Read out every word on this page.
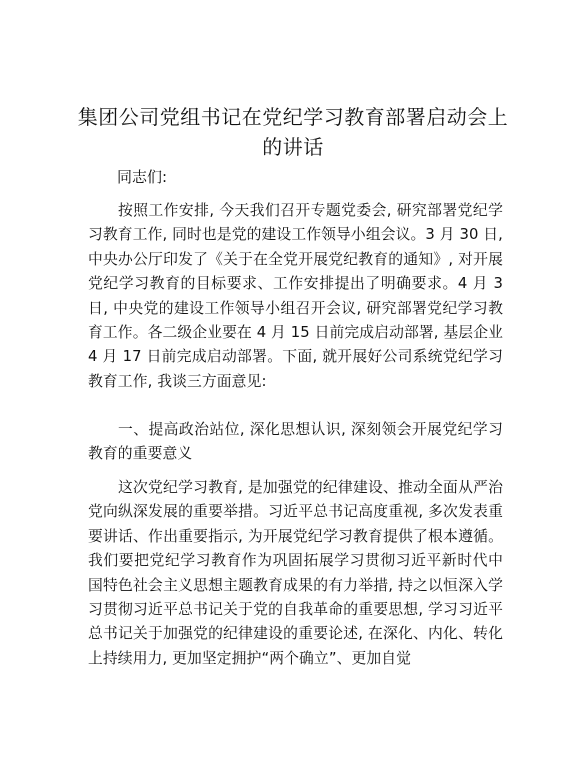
集团公司党组书记在党纪学习教育部署启动会上的讲话
同志们:

按照工作安排, 今天我们召开专题党委会, 研究部署党纪学习教育工作, 同时也是党的建设工作领导小组会议。3 月 30 日, 中央办公厅印发了《关于在全党开展党纪教育的通知》, 对开展党纪学习教育的目标要求、工作安排提出了明确要求。4 月 3 日, 中央党的建设工作领导小组召开会议, 研究部署党纪学习教育工作。各二级企业要在 4 月 15 日前完成启动部署, 基层企业 4 月 17 日前完成启动部署。下面, 就开展好公司系统党纪学习教育工作, 我谈三方面意见:

一、提高政治站位, 深化思想认识, 深刻领会开展党纪学习教育的重要意义

这次党纪学习教育, 是加强党的纪律建设、推动全面从严治党向纵深发展的重要举措。习近平总书记高度重视, 多次发表重要讲话、作出重要指示, 为开展党纪学习教育提供了根本遵循。我们要把党纪学习教育作为巩固拓展学习贯彻习近平新时代中国特色社会主义思想主题教育成果的有力举措, 持之以恒深入学习贯彻习近平总书记关于党的自我革命的重要思想, 学习习近平总书记关于加强党的纪律建设的重要论述, 在深化、内化、转化上持续用力, 更加坚定拥护“两个确立”、更加自觉
